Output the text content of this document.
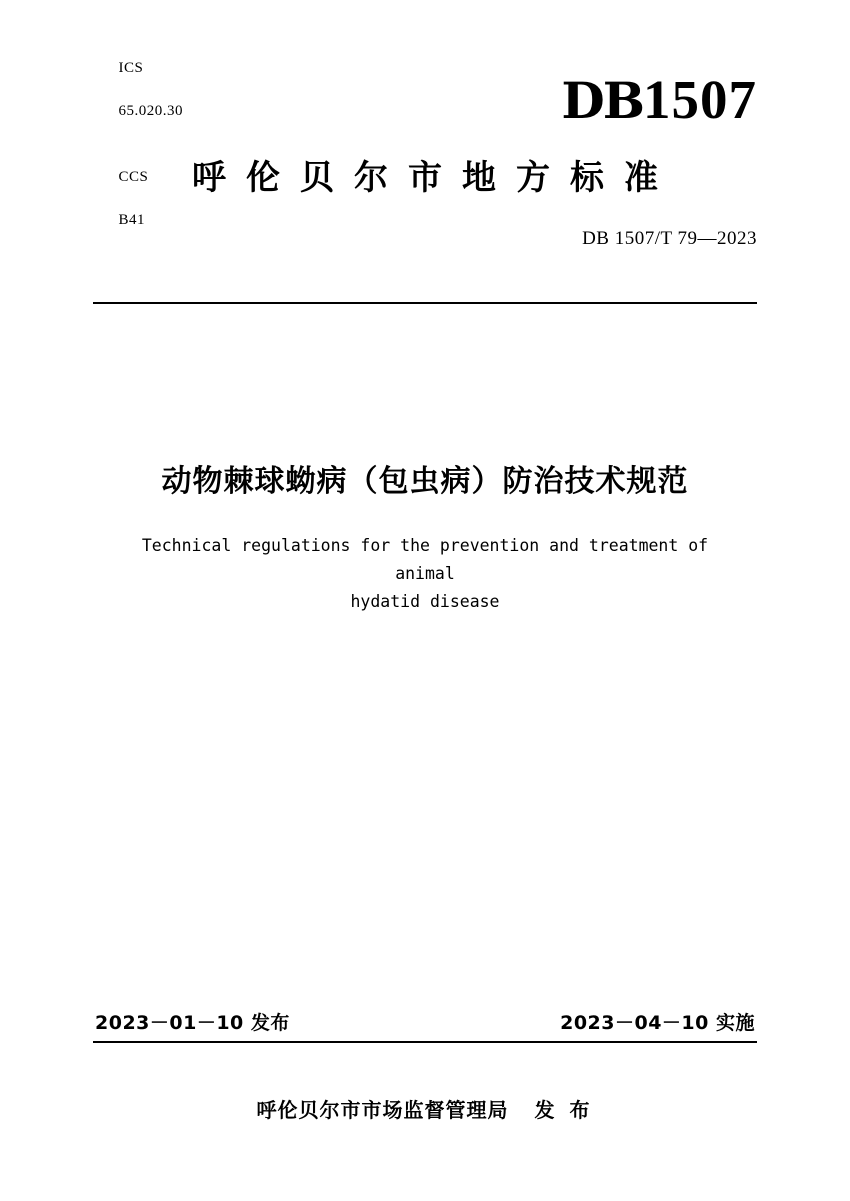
ICS

65.020.30

CCS

B41

DB1507
呼伦贝尔市地方标准
DB 1507/T 79—2023
动物棘球蚴病（包虫病）防治技术规范
Technical regulations for the prevention and treatment of animal
hydatid disease
2023－01－10 发布	2023－04－10 实施
呼伦贝尔市市场监督管理局 发 布
